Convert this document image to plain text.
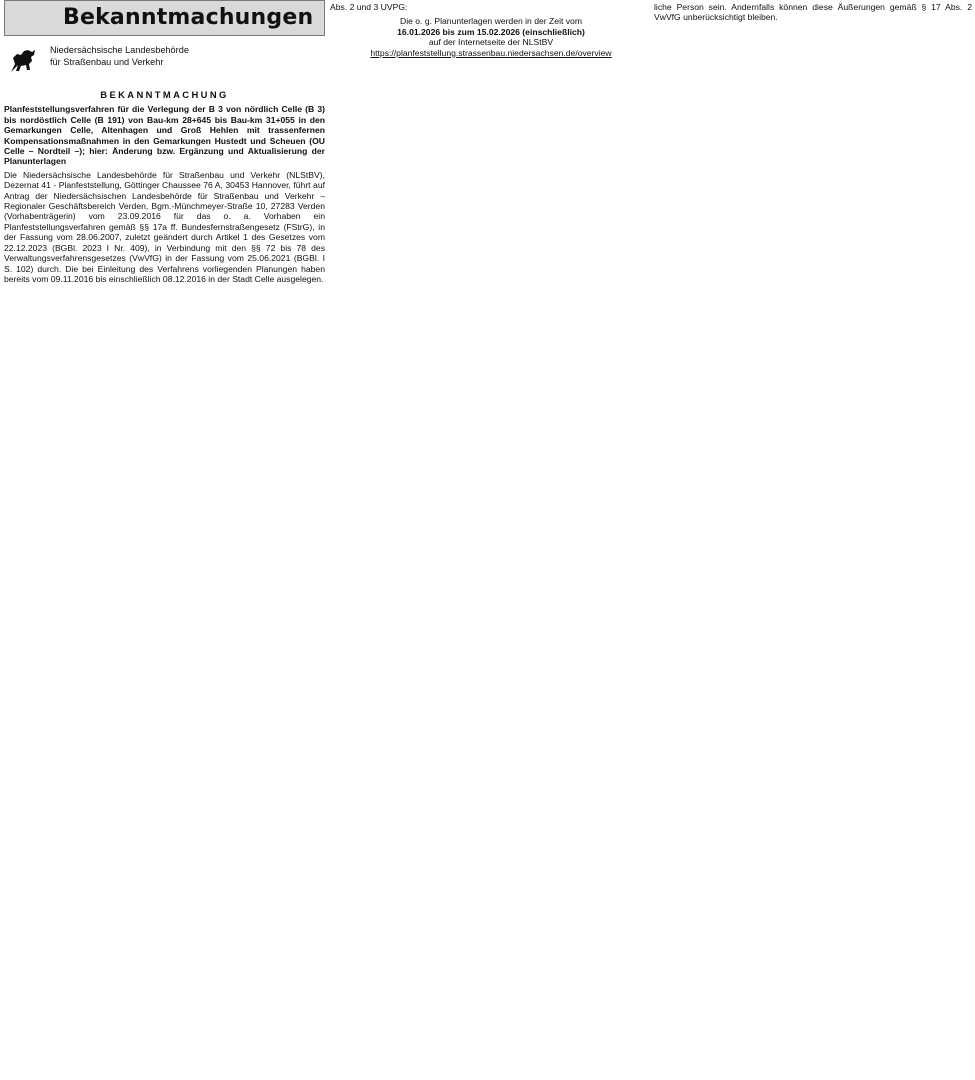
Bekanntmachungen
Niedersächsische Landesbehörde
für Straßenbau und Verkehr
BEKANNTMACHUNG
Planfeststellungsverfahren für die Verlegung der B 3 von nördlich Celle (B 3) bis nordöstlich Celle (B 191) von Bau-km 28+645 bis Bau-km 31+055 in den Gemarkungen Celle, Altenhagen und Groß Hehlen mit trassenfernen Kompensationsmaßnahmen in den Gemarkungen Hustedt und Scheuen (OU Celle – Nordteil –); hier: Änderung bzw. Ergänzung und Aktualisierung der Planunterlagen

Die Niedersächsische Landesbehörde für Straßenbau und Verkehr (NLStBV), Dezernat 41 - Planfeststellung, Göttinger Chaussee 76 A, 30453 Hannover, führt auf Antrag der Niedersächsischen Landesbehörde für Straßenbau und Verkehr – Regionaler Geschäftsbereich Verden, Bgm.-Münchmeyer-Straße 10, 27283 Verden (Vorhabenträgerin) vom 23.09.2016 für das o. a. Vorhaben ein Planfeststellungsverfahren gemäß §§ 17a ff. Bundesfernstraßengesetz (FStrG), in der Fassung vom 28.06.2007, zuletzt geändert durch Artikel 1 des Gesetzes vom 22.12.2023 (BGBl. 2023 I Nr. 409), in Verbindung mit den §§ 72 bis 78 des Verwaltungsverfahrensgesetzes (VwVfG) in der Fassung vom 25.06.2021 (BGBl. I S. 102) durch. Die bei Einleitung des Verfahrens vorliegenden Planungen haben bereits vom 09.11.2016 bis einschließlich 08.12.2016 in der Stadt Celle ausgelegen.

Abs. 2 und 3 UVPG:

Die o. g. Planunterlagen werden in der Zeit vom
16.01.2026 bis zum 15.02.2026 (einschließlich)
auf der Internetseite der NLStBV
https://planfeststellung.strassenbau.niedersachsen.de/overview

liche Person sein. Andernfalls können diese Äußerungen gemäß § 17 Abs. 2 VwVfG unberücksichtigt bleiben.
